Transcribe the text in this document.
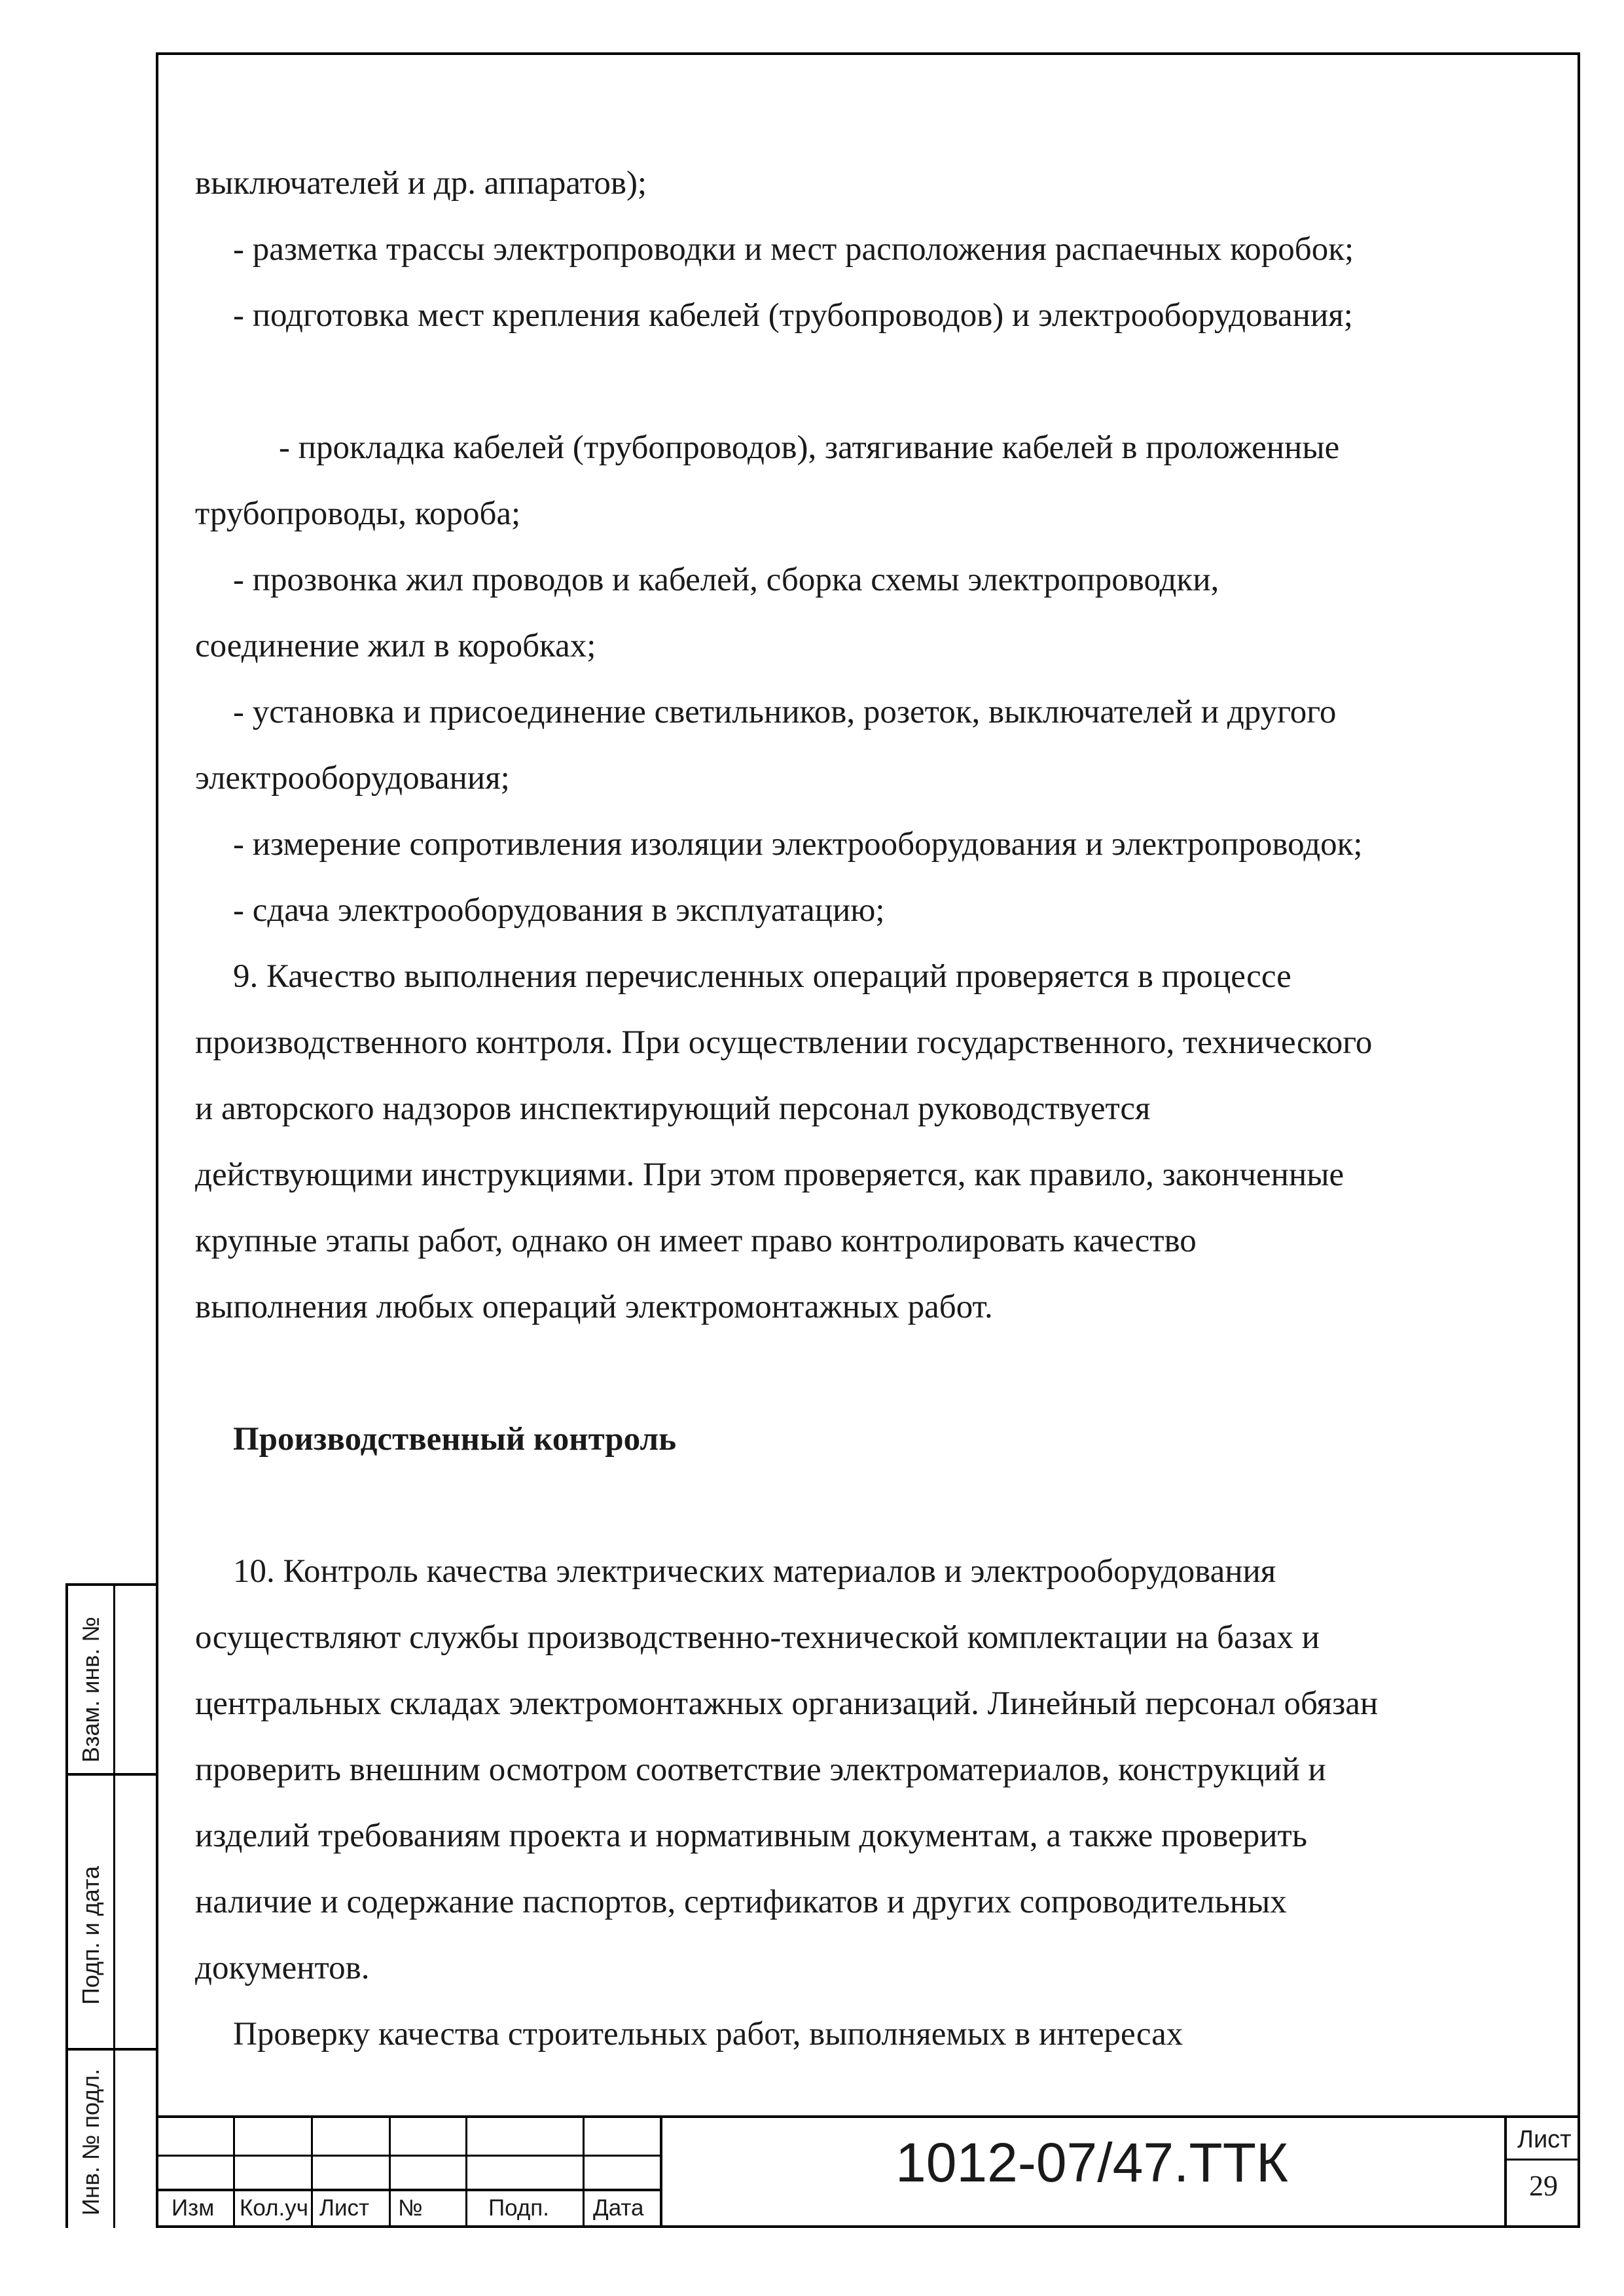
выключателей и др. аппаратов);

- разметка трассы электропроводки и мест расположения распаечных коробок;

- подготовка мест крепления кабелей (трубопроводов) и электрооборудования;

- прокладка кабелей (трубопроводов), затягивание кабелей в проложенные

трубопроводы, короба;

- прозвонка жил проводов и кабелей, сборка схемы электропроводки,

соединение жил в коробках;

- установка и присоединение светильников, розеток, выключателей и другого

электрооборудования;

- измерение сопротивления изоляции электрооборудования и электропроводок;

- сдача электрооборудования в эксплуатацию;

9. Качество выполнения перечисленных операций проверяется в процессе

производственного контроля. При осуществлении государственного, технического

и авторского надзоров инспектирующий персонал руководствуется

действующими инструкциями. При этом проверяется, как правило, законченные

крупные этапы работ, однако он имеет право контролировать качество

выполнения любых операций электромонтажных работ.

Производственный контроль

10. Контроль качества электрических материалов и электрооборудования

осуществляют службы производственно-технической комплектации на базах и

центральных складах электромонтажных организаций. Линейный персонал обязан

проверить внешним осмотром соответствие электроматериалов, конструкций и

изделий требованиям проекта и нормативным документам, а также проверить

наличие и содержание паспортов, сертификатов и других сопроводительных

документов.

Проверку качества строительных работ, выполняемых в интересах

Взам. инв. №
Подп. и дата
Инв. № подл.	Изм Кол.уч Лист №	Подп. Дата
1012-07/47.ТТК	Лист
29
